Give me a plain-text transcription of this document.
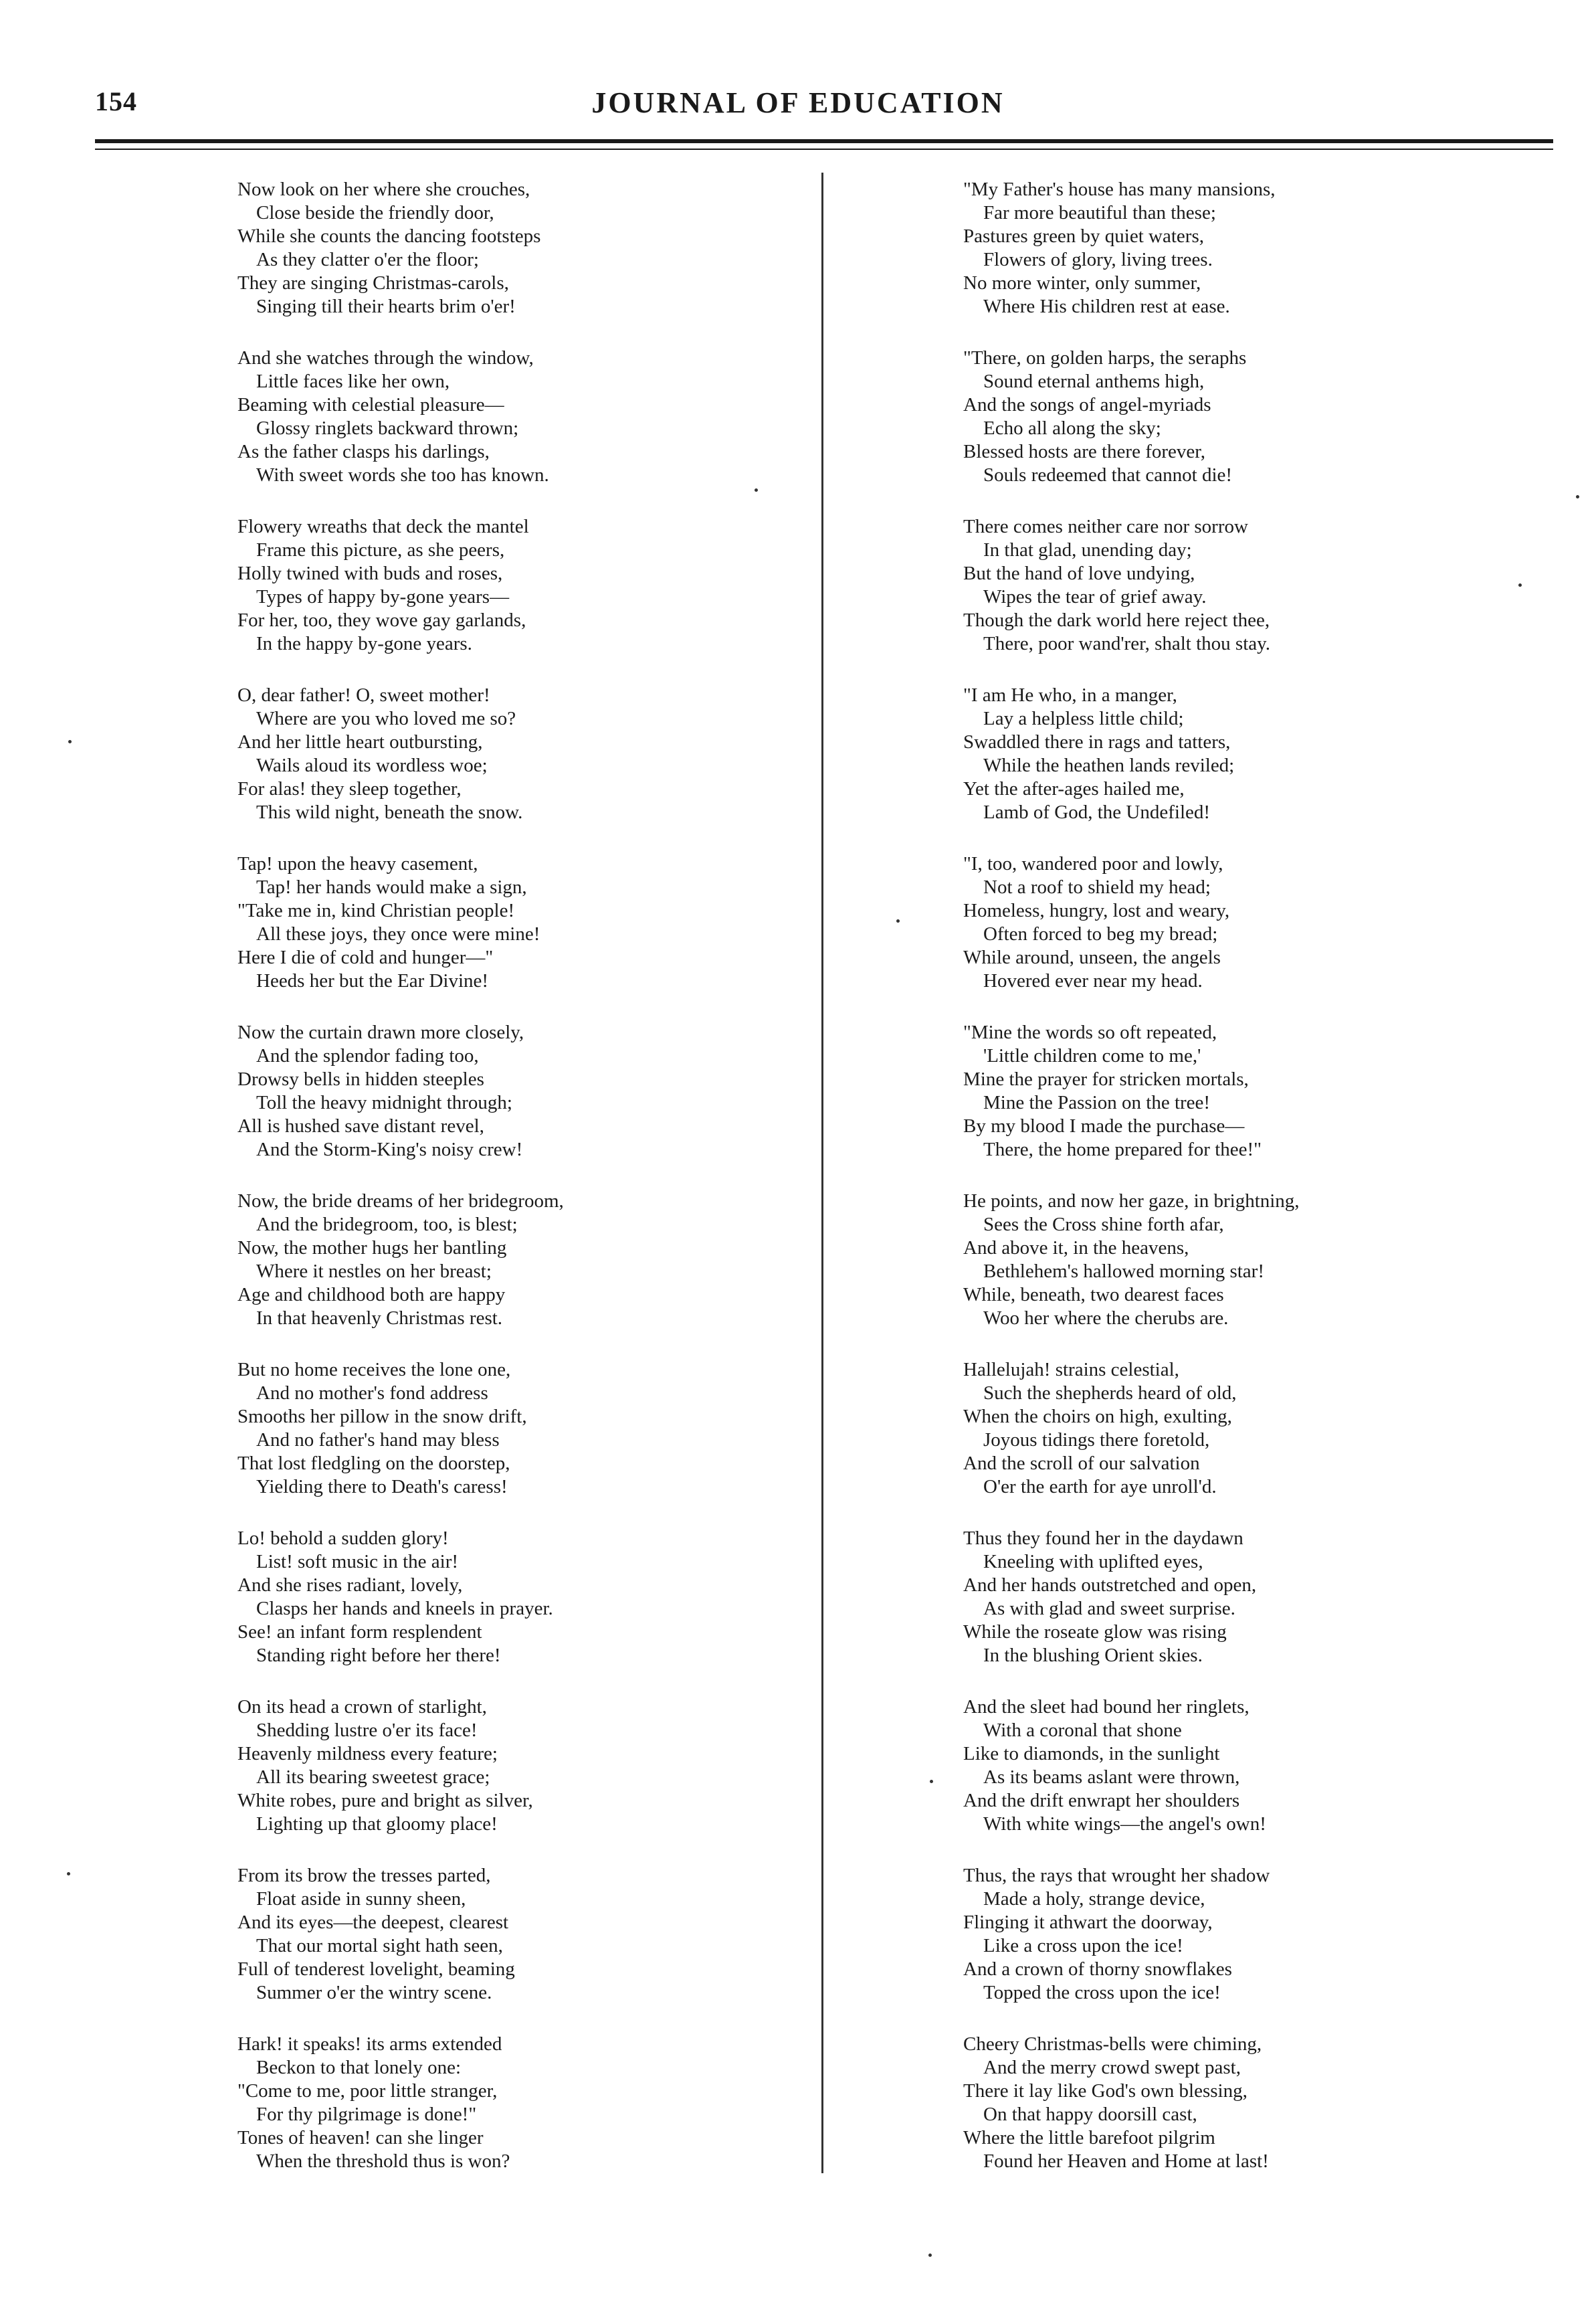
154	JOURNAL OF EDUCATION
Now look on her where she crouches,
Close beside the friendly door,
While she counts the dancing footsteps
As they clatter o'er the floor;
They are singing Christmas-carols,
Singing till their hearts brim o'er!
And she watches through the window,
Little faces like her own,
Beaming with celestial pleasure—
Glossy ringlets backward thrown;
As the father clasps his darlings,
With sweet words she too has known.
Flowery wreaths that deck the mantel
Frame this picture, as she peers,
Holly twined with buds and roses,
Types of happy by-gone years—
For her, too, they wove gay garlands,
In the happy by-gone years.
O, dear father! O, sweet mother!
Where are you who loved me so?
And her little heart outbursting,
Wails aloud its wordless woe;
For alas! they sleep together,
This wild night, beneath the snow.
Tap! upon the heavy casement,
Tap! her hands would make a sign,
"Take me in, kind Christian people!
All these joys, they once were mine!
Here I die of cold and hunger—"
Heeds her but the Ear Divine!
Now the curtain drawn more closely,
And the splendor fading too,
Drowsy bells in hidden steeples
Toll the heavy midnight through;
All is hushed save distant revel,
And the Storm-King's noisy crew!
Now, the bride dreams of her bridegroom,
And the bridegroom, too, is blest;
Now, the mother hugs her bantling
Where it nestles on her breast;
Age and childhood both are happy
In that heavenly Christmas rest.
But no home receives the lone one,
And no mother's fond address
Smooths her pillow in the snow drift,
And no father's hand may bless
That lost fledgling on the doorstep,
Yielding there to Death's caress!
Lo! behold a sudden glory!
List! soft music in the air!
And she rises radiant, lovely,
Clasps her hands and kneels in prayer.
See! an infant form resplendent
Standing right before her there!
On its head a crown of starlight,
Shedding lustre o'er its face!
Heavenly mildness every feature;
All its bearing sweetest grace;
White robes, pure and bright as silver,
Lighting up that gloomy place!
From its brow the tresses parted,
Float aside in sunny sheen,
And its eyes—the deepest, clearest
That our mortal sight hath seen,
Full of tenderest lovelight, beaming
Summer o'er the wintry scene.
Hark! it speaks! its arms extended
Beckon to that lonely one:
"Come to me, poor little stranger,
For thy pilgrimage is done!"
Tones of heaven! can she linger
When the threshold thus is won?
"My Father's house has many mansions,
Far more beautiful than these;
Pastures green by quiet waters,
Flowers of glory, living trees.
No more winter, only summer,
Where His children rest at ease.
"There, on golden harps, the seraphs
Sound eternal anthems high,
And the songs of angel-myriads
Echo all along the sky;
Blessed hosts are there forever,
Souls redeemed that cannot die!
There comes neither care nor sorrow
In that glad, unending day;
But the hand of love undying,
Wipes the tear of grief away.
Though the dark world here reject thee,
There, poor wand'rer, shalt thou stay.
"I am He who, in a manger,
Lay a helpless little child;
Swaddled there in rags and tatters,
While the heathen lands reviled;
Yet the after-ages hailed me,
Lamb of God, the Undefiled!
"I, too, wandered poor and lowly,
Not a roof to shield my head;
Homeless, hungry, lost and weary,
Often forced to beg my bread;
While around, unseen, the angels
Hovered ever near my head.
"Mine the words so oft repeated,
'Little children come to me,'
Mine the prayer for stricken mortals,
Mine the Passion on the tree!
By my blood I made the purchase—
There, the home prepared for thee!"
He points, and now her gaze, in brightning,
Sees the Cross shine forth afar,
And above it, in the heavens,
Bethlehem's hallowed morning star!
While, beneath, two dearest faces
Woo her where the cherubs are.
Hallelujah! strains celestial,
Such the shepherds heard of old,
When the choirs on high, exulting,
Joyous tidings there foretold,
And the scroll of our salvation
O'er the earth for aye unroll'd.
Thus they found her in the daydawn
Kneeling with uplifted eyes,
And her hands outstretched and open,
As with glad and sweet surprise.
While the roseate glow was rising
In the blushing Orient skies.
And the sleet had bound her ringlets,
With a coronal that shone
Like to diamonds, in the sunlight
As its beams aslant were thrown,
And the drift enwrapt her shoulders
With white wings—the angel's own!
Thus, the rays that wrought her shadow
Made a holy, strange device,
Flinging it athwart the doorway,
Like a cross upon the ice!
And a crown of thorny snowflakes
Topped the cross upon the ice!
Cheery Christmas-bells were chiming,
And the merry crowd swept past,
There it lay like God's own blessing,
On that happy doorsill cast,
Where the little barefoot pilgrim
Found her Heaven and Home at last!
